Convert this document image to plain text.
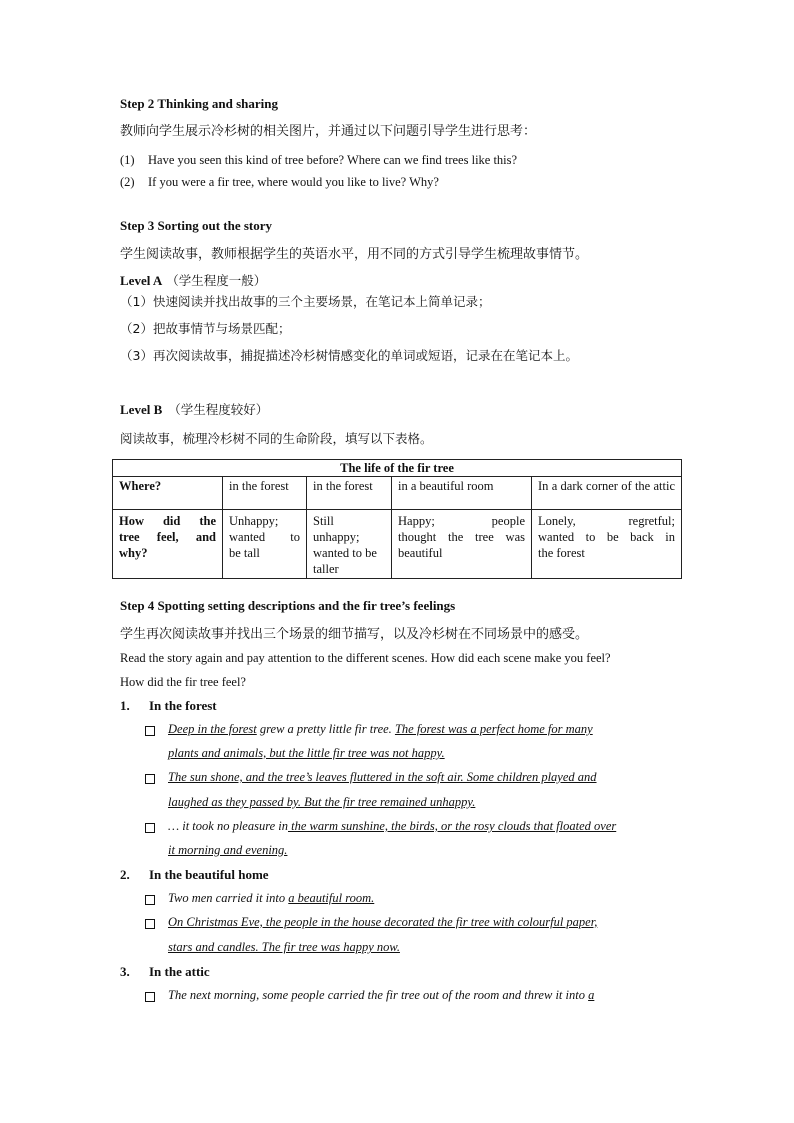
Step 2 Thinking and sharing
教师向学生展示冷杉树的相关图片，并通过以下问题引导学生进行思考：
(1) Have you seen this kind of tree before? Where can we find trees like this?
(2) If you were a fir tree, where would you like to live? Why?
Step 3 Sorting out the story
学生阅读故事，教师根据学生的英语水平，用不同的方式引导学生梳理故事情节。
Level A （学生程度一般）
（1）快速阅读并找出故事的三个主要场景，在笔记本上简单记录；
（2）把故事情节与场景匹配；
（3）再次阅读故事，捕捉描述冷杉树情感变化的单词或短语，记录在在笔记本上。
Level B （学生程度较好）
阅读故事，梳理冷杉树不同的生命阶段，填写以下表格。
The life of the fir tree				
Where?	in the forest	in the forest	in a beautiful room	In a dark corner of the attic

How did the
tree feel, and
why?	Unhappy;
wanted to
be tall	Still
unhappy;
wanted to be
taller	Happy; people
thought the tree was
beautiful	Lonely, regretful;
wanted to be back in
the forest
Step 4 Spotting setting descriptions and the fir tree’s feelings
学生再次阅读故事并找出三个场景的细节描写，以及冷杉树在不同场景中的感受。
Read the story again and pay attention to the different scenes. How did each scene make you feel?
How did the fir tree feel?
1. In the forest
Deep in the forest grew a pretty little fir tree. The forest was a perfect home for many
plants and animals, but the little fir tree was not happy.
The sun shone, and the tree’s leaves fluttered in the soft air. Some children played and
laughed as they passed by. But the fir tree remained unhappy.
… it took no pleasure in the warm sunshine, the birds, or the rosy clouds that floated over
it morning and evening.
2. In the beautiful home
Two men carried it into a beautiful room.
On Christmas Eve, the people in the house decorated the fir tree with colourful paper,
stars and candles. The fir tree was happy now.
3. In the attic
The next morning, some people carried the fir tree out of the room and threw it into a
